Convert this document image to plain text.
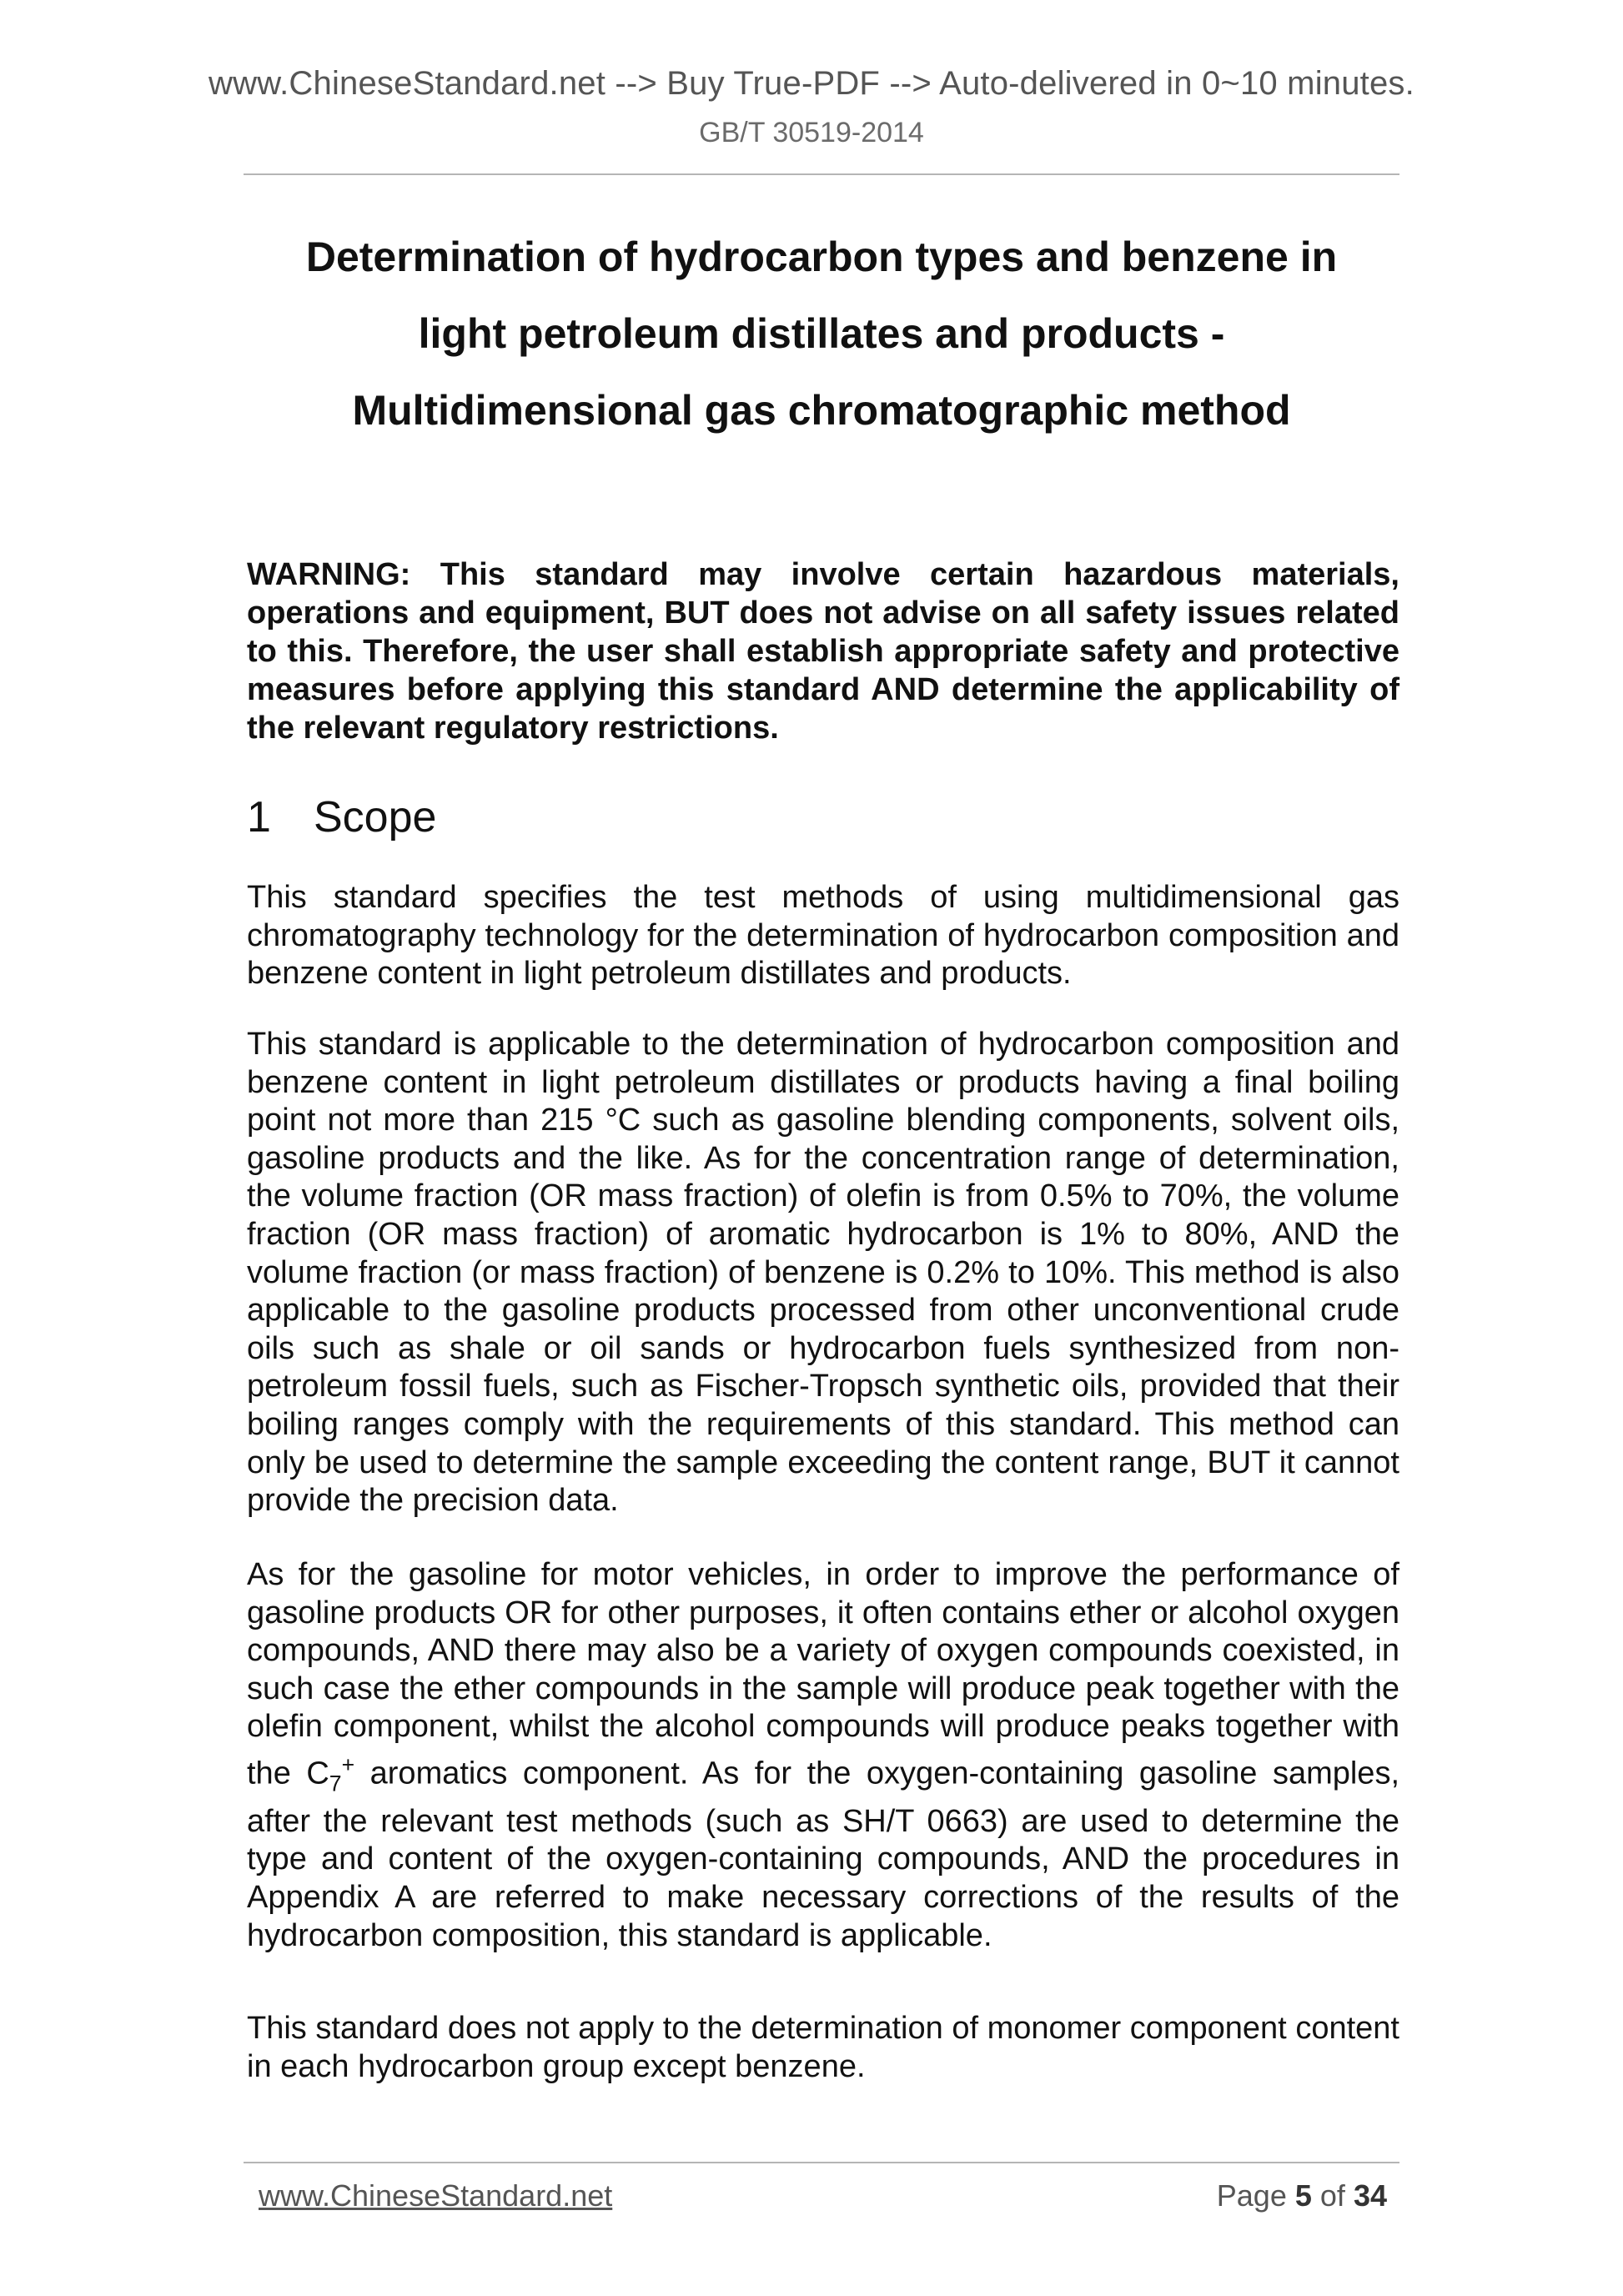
www.ChineseStandard.net --> Buy True-PDF --> Auto-delivered in 0~10 minutes.
GB/T 30519-2014
Determination of hydrocarbon types and benzene in
light petroleum distillates and products -
Multidimensional gas chromatographic method
WARNING: This standard may involve certain hazardous materials, operations and equipment, BUT does not advise on all safety issues related to this. Therefore, the user shall establish appropriate safety and protective measures before applying this standard AND determine the applicability of the relevant regulatory restrictions.
1 Scope
This standard specifies the test methods of using multidimensional gas chromatography technology for the determination of hydrocarbon composition and benzene content in light petroleum distillates and products.
This standard is applicable to the determination of hydrocarbon composition and benzene content in light petroleum distillates or products having a final boiling point not more than 215 °C such as gasoline blending components, solvent oils, gasoline products and the like. As for the concentration range of determination, the volume fraction (OR mass fraction) of olefin is from 0.5% to 70%, the volume fraction (OR mass fraction) of aromatic hydrocarbon is 1% to 80%, AND the volume fraction (or mass fraction) of benzene is 0.2% to 10%. This method is also applicable to the gasoline products processed from other unconventional crude oils such as shale or oil sands or hydrocarbon fuels synthesized from non-petroleum fossil fuels, such as Fischer-Tropsch synthetic oils, provided that their boiling ranges comply with the requirements of this standard. This method can only be used to determine the sample exceeding the content range, BUT it cannot provide the precision data.
As for the gasoline for motor vehicles, in order to improve the performance of gasoline products OR for other purposes, it often contains ether or alcohol oxygen compounds, AND there may also be a variety of oxygen compounds coexisted, in such case the ether compounds in the sample will produce peak together with the olefin component, whilst the alcohol compounds will produce peaks together with the $C_7^+$ aromatics component. As for the oxygen-containing gasoline samples, after the relevant test methods (such as SH/T 0663) are used to determine the type and content of the oxygen-containing compounds, AND the procedures in Appendix A are referred to make necessary corrections of the results of the hydrocarbon composition, this standard is applicable.
This standard does not apply to the determination of monomer component content in each hydrocarbon group except benzene.
www.ChineseStandard.net	Page 5 of 34
